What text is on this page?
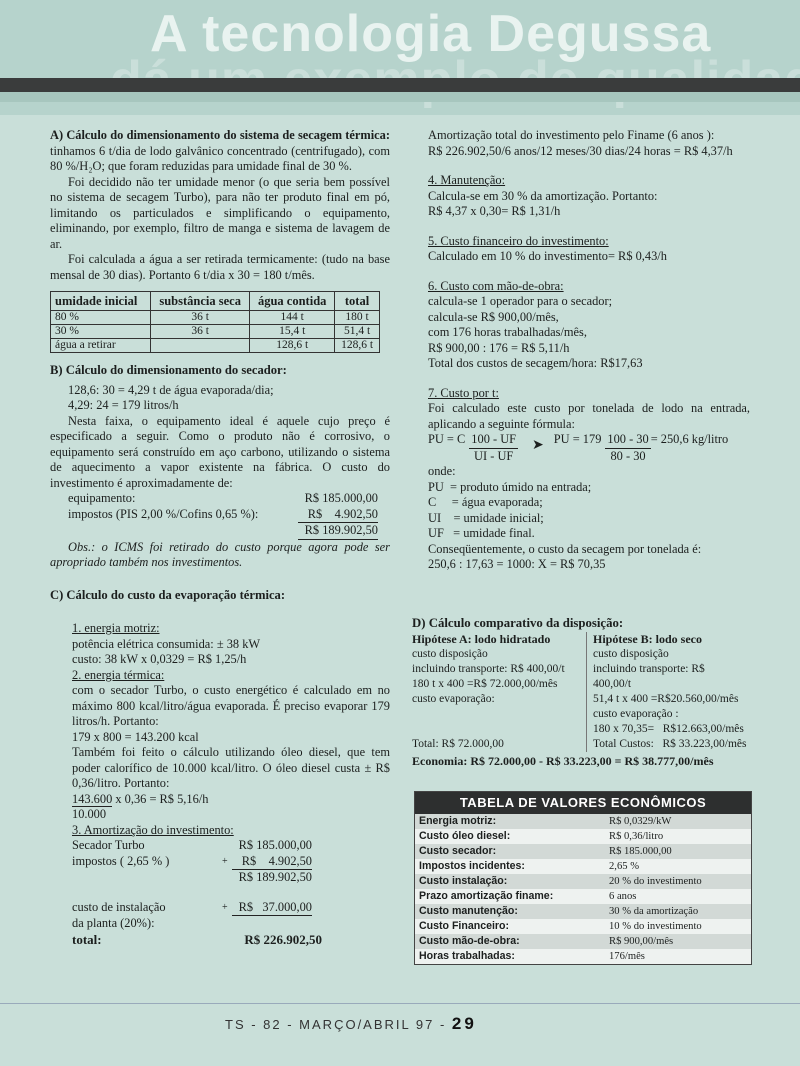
A tecnologia Degussa

A) Cálculo do dimensionamento do sistema de secagem térmica: tinhamos 6 t/dia de lodo galvânico concentrado (centrifugado), com 80 %/H₂O; que foram reduzidas para umidade final de 30 %.

Foi decidido não ter umidade menor (o que seria bem possível no sistema de secagem Turbo), para não ter produto final em pó, limitando os particulados e simplificando o equipamento, eliminando, por exemplo, filtro de manga e sistema de lavagem de ar.

Foi calculada a água a ser retirada termicamente: (tudo na base mensal de 30 dias). Portanto 6 t/dia x 30 = 180 t/mês.

umidade inicial	substância seca	água contida	total
80 %	36 t	144 t	180 t
30 %	36 t	15,4 t	51,4 t
água a retirar		128,6 t	128,6 t

B) Cálculo do dimensionamento do secador:

128,6: 30 = 4,29 t de água evaporada/dia;

4,29: 24 = 179 litros/h

Nesta faixa, o equipamento ideal é aquele cujo preço é especificado a seguir. Como o produto não é corrosivo, o equipamento será construído em aço carbono, utilizando o sistema de aquecimento a vapor existente na fábrica. O custo do investimento é aproximadamente de:

equipamento:	R$ 185.000,00
impostos (PIS 2,00 %/Cofins 0,65 %):	R$    4.902,50
R$ 189.902,50

Obs.: o ICMS foi retirado do custo porque agora pode ser apropriado também nos investimentos.

C) Cálculo do custo da evaporação térmica:

1. energia motriz:

potência elétrica consumida: ± 38 kW

custo: 38 kW x 0,0329 = R$ 1,25/h

2. energia térmica:

com o secador Turbo, o custo energético é calculado em no máximo 800 kcal/litro/água evaporada. É preciso evaporar 179 litros/h. Portanto:

179 x 800 = 143.200 kcal

Também foi feito o cálculo utilizando óleo diesel, que tem poder calorífico de 10.000 kcal/litro. O óleo diesel custa ± R$ 0,36/litro. Portanto:

143.600 x 0,36 = R$ 5,16/h

10.000

3. Amortização do investimento:

Secador Turbo	R$ 185.000,00
impostos ( 2,65 % )	+	R$    4.902,50
R$ 189.902,50
custo de instalação	+ R$   37.000,00

da planta (20%):

total:	R$ 226.902,50

Amortização total do investimento pelo Finame (6 anos ):

R$ 226.902,50/6 anos/12 meses/30 dias/24 horas = R$ 4,37/h

4. Manutenção:

Calcula-se em 30 % da amortização. Portanto:

R$ 4,37 x 0,30= R$ 1,31/h

5. Custo financeiro do investimento:

Calculado em 10 % do investimento= R$ 0,43/h

6. Custo com mão-de-obra:

calcula-se 1 operador para o secador;

calcula-se R$ 900,00/mês,

com 176 horas trabalhadas/mês,

R$ 900,00 : 176 = R$ 5,11/h

Total dos custos de secagem/hora: R$17,63

7. Custo por t:

Foi calculado este custo por tonelada de lodo na entrada, aplicando a seguinte fórmula:

PU = C $\frac{100 - UF}{UI - UF}$ ➤ PU = $179 \frac{100 - 30}{80 - 30} = 250,6$ kg/litro

onde:

PU  = produto úmido na entrada;

C     = água evaporada;

UI    = umidade inicial;

UF   = umidade final.

Conseqüentemente, o custo da secagem por tonelada é:

250,6 : 17,63 = 1000: X = R$ 70,35

D) Cálculo comparativo da disposição:

Hipótese A: lodo hidratado

custo disposição

incluindo transporte: R$ 400,00/t

180 t x 400 =R$ 72.000,00/mês

custo evaporação:

Total: R$ 72.000,00

Hipótese B: lodo seco

custo disposição

incluindo transporte: R$ 400,00/t

51,4 t x 400 =R$20.560,00/mês

custo evaporação :

180 x 70,35=   R$12.663,00/mês

Total Custos:   R$ 33.223,00/mês

Economia: R$ 72.000,00 - R$ 33.223,00 = R$ 38.777,00/mês

TABELA DE VALORES ECONÔMICOS
Energia motriz:	R$ 0,0329/kW
Custo óleo diesel:	R$ 0,36/litro
Custo secador:	R$ 185.000,00
Impostos incidentes:	2,65 %
Custo instalação:	20 % do investimento
Prazo amortização finame:	6 anos
Custo manutenção:	30 % da amortização
Custo Financeiro:	10 % do investimento
Custo mão-de-obra:	R$ 900,00/mês
Horas trabalhadas:	176/mês
TS - 82 - MARÇO/ABRIL 97 - 29
